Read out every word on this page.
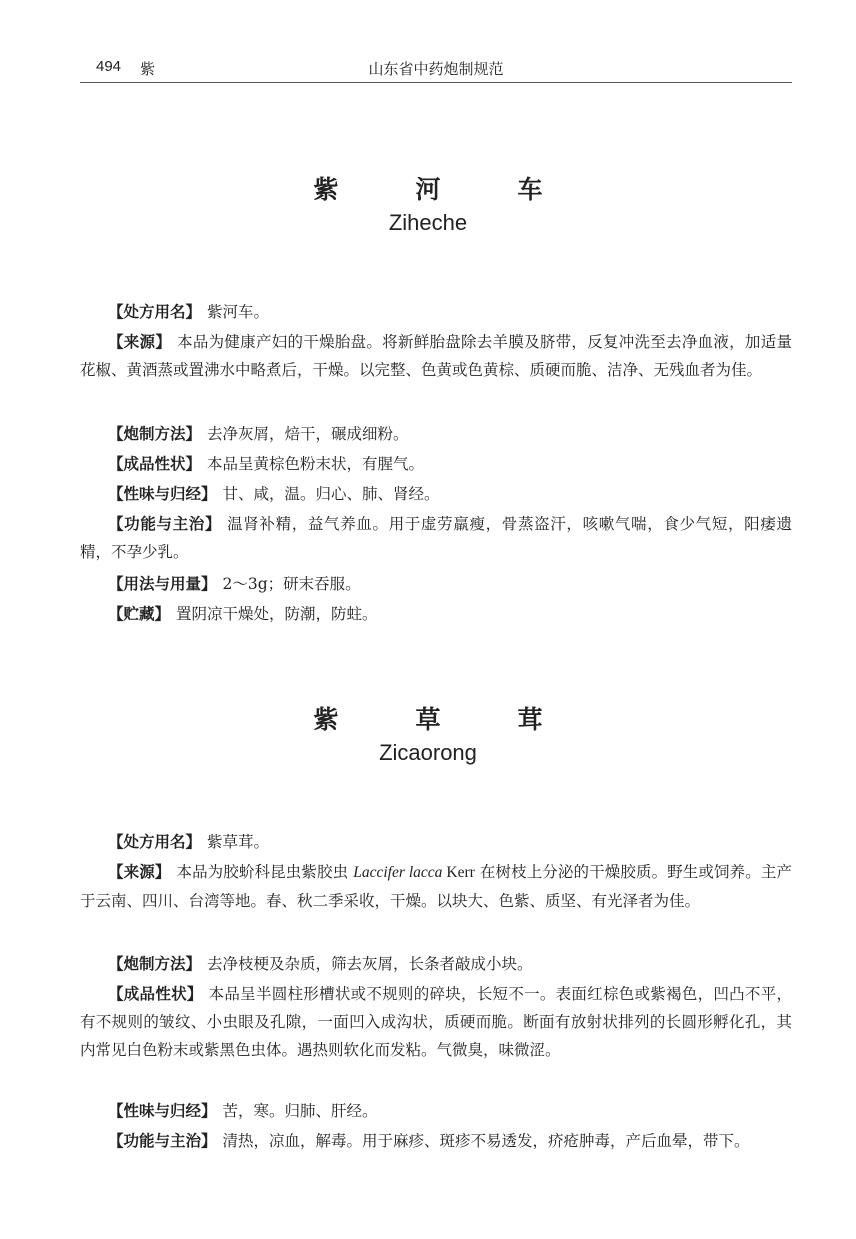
494 紫	山东省中药炮制规范
紫　河　车
Ziheche
【处方用名】 紫河车。
【来源】 本品为健康产妇的干燥胎盘。将新鲜胎盘除去羊膜及脐带，反复冲洗至去净血液，加适量花椒、黄酒蒸或置沸水中略煮后，干燥。以完整、色黄或色黄棕、质硬而脆、洁净、无残血者为佳。
【炮制方法】 去净灰屑，焙干，碾成细粉。
【成品性状】 本品呈黄棕色粉末状，有腥气。
【性味与归经】 甘、咸，温。归心、肺、肾经。
【功能与主治】 温肾补精，益气养血。用于虚劳羸瘦，骨蒸盗汗，咳嗽气喘，食少气短，阳痿遗精，不孕少乳。
【用法与用量】 2～3g；研末吞服。
【贮藏】 置阴凉干燥处，防潮，防蛀。
紫　草　茸
Zicaorong
【处方用名】 紫草茸。
【来源】 本品为胶蚧科昆虫紫胶虫 Laccifer lacca Kerr 在树枝上分泌的干燥胶质。野生或饲养。主产于云南、四川、台湾等地。春、秋二季采收，干燥。以块大、色紫、质坚、有光泽者为佳。
【炮制方法】 去净枝梗及杂质，筛去灰屑，长条者敲成小块。
【成品性状】 本品呈半圆柱形槽状或不规则的碎块，长短不一。表面红棕色或紫褐色，凹凸不平，有不规则的皱纹、小虫眼及孔隙，一面凹入成沟状，质硬而脆。断面有放射状排列的长圆形孵化孔，其内常见白色粉末或紫黑色虫体。遇热则软化而发粘。气微臭，味微涩。
【性味与归经】 苦，寒。归肺、肝经。
【功能与主治】 清热，凉血，解毒。用于麻疹、斑疹不易透发，疥疮肿毒，产后血晕，带下。
